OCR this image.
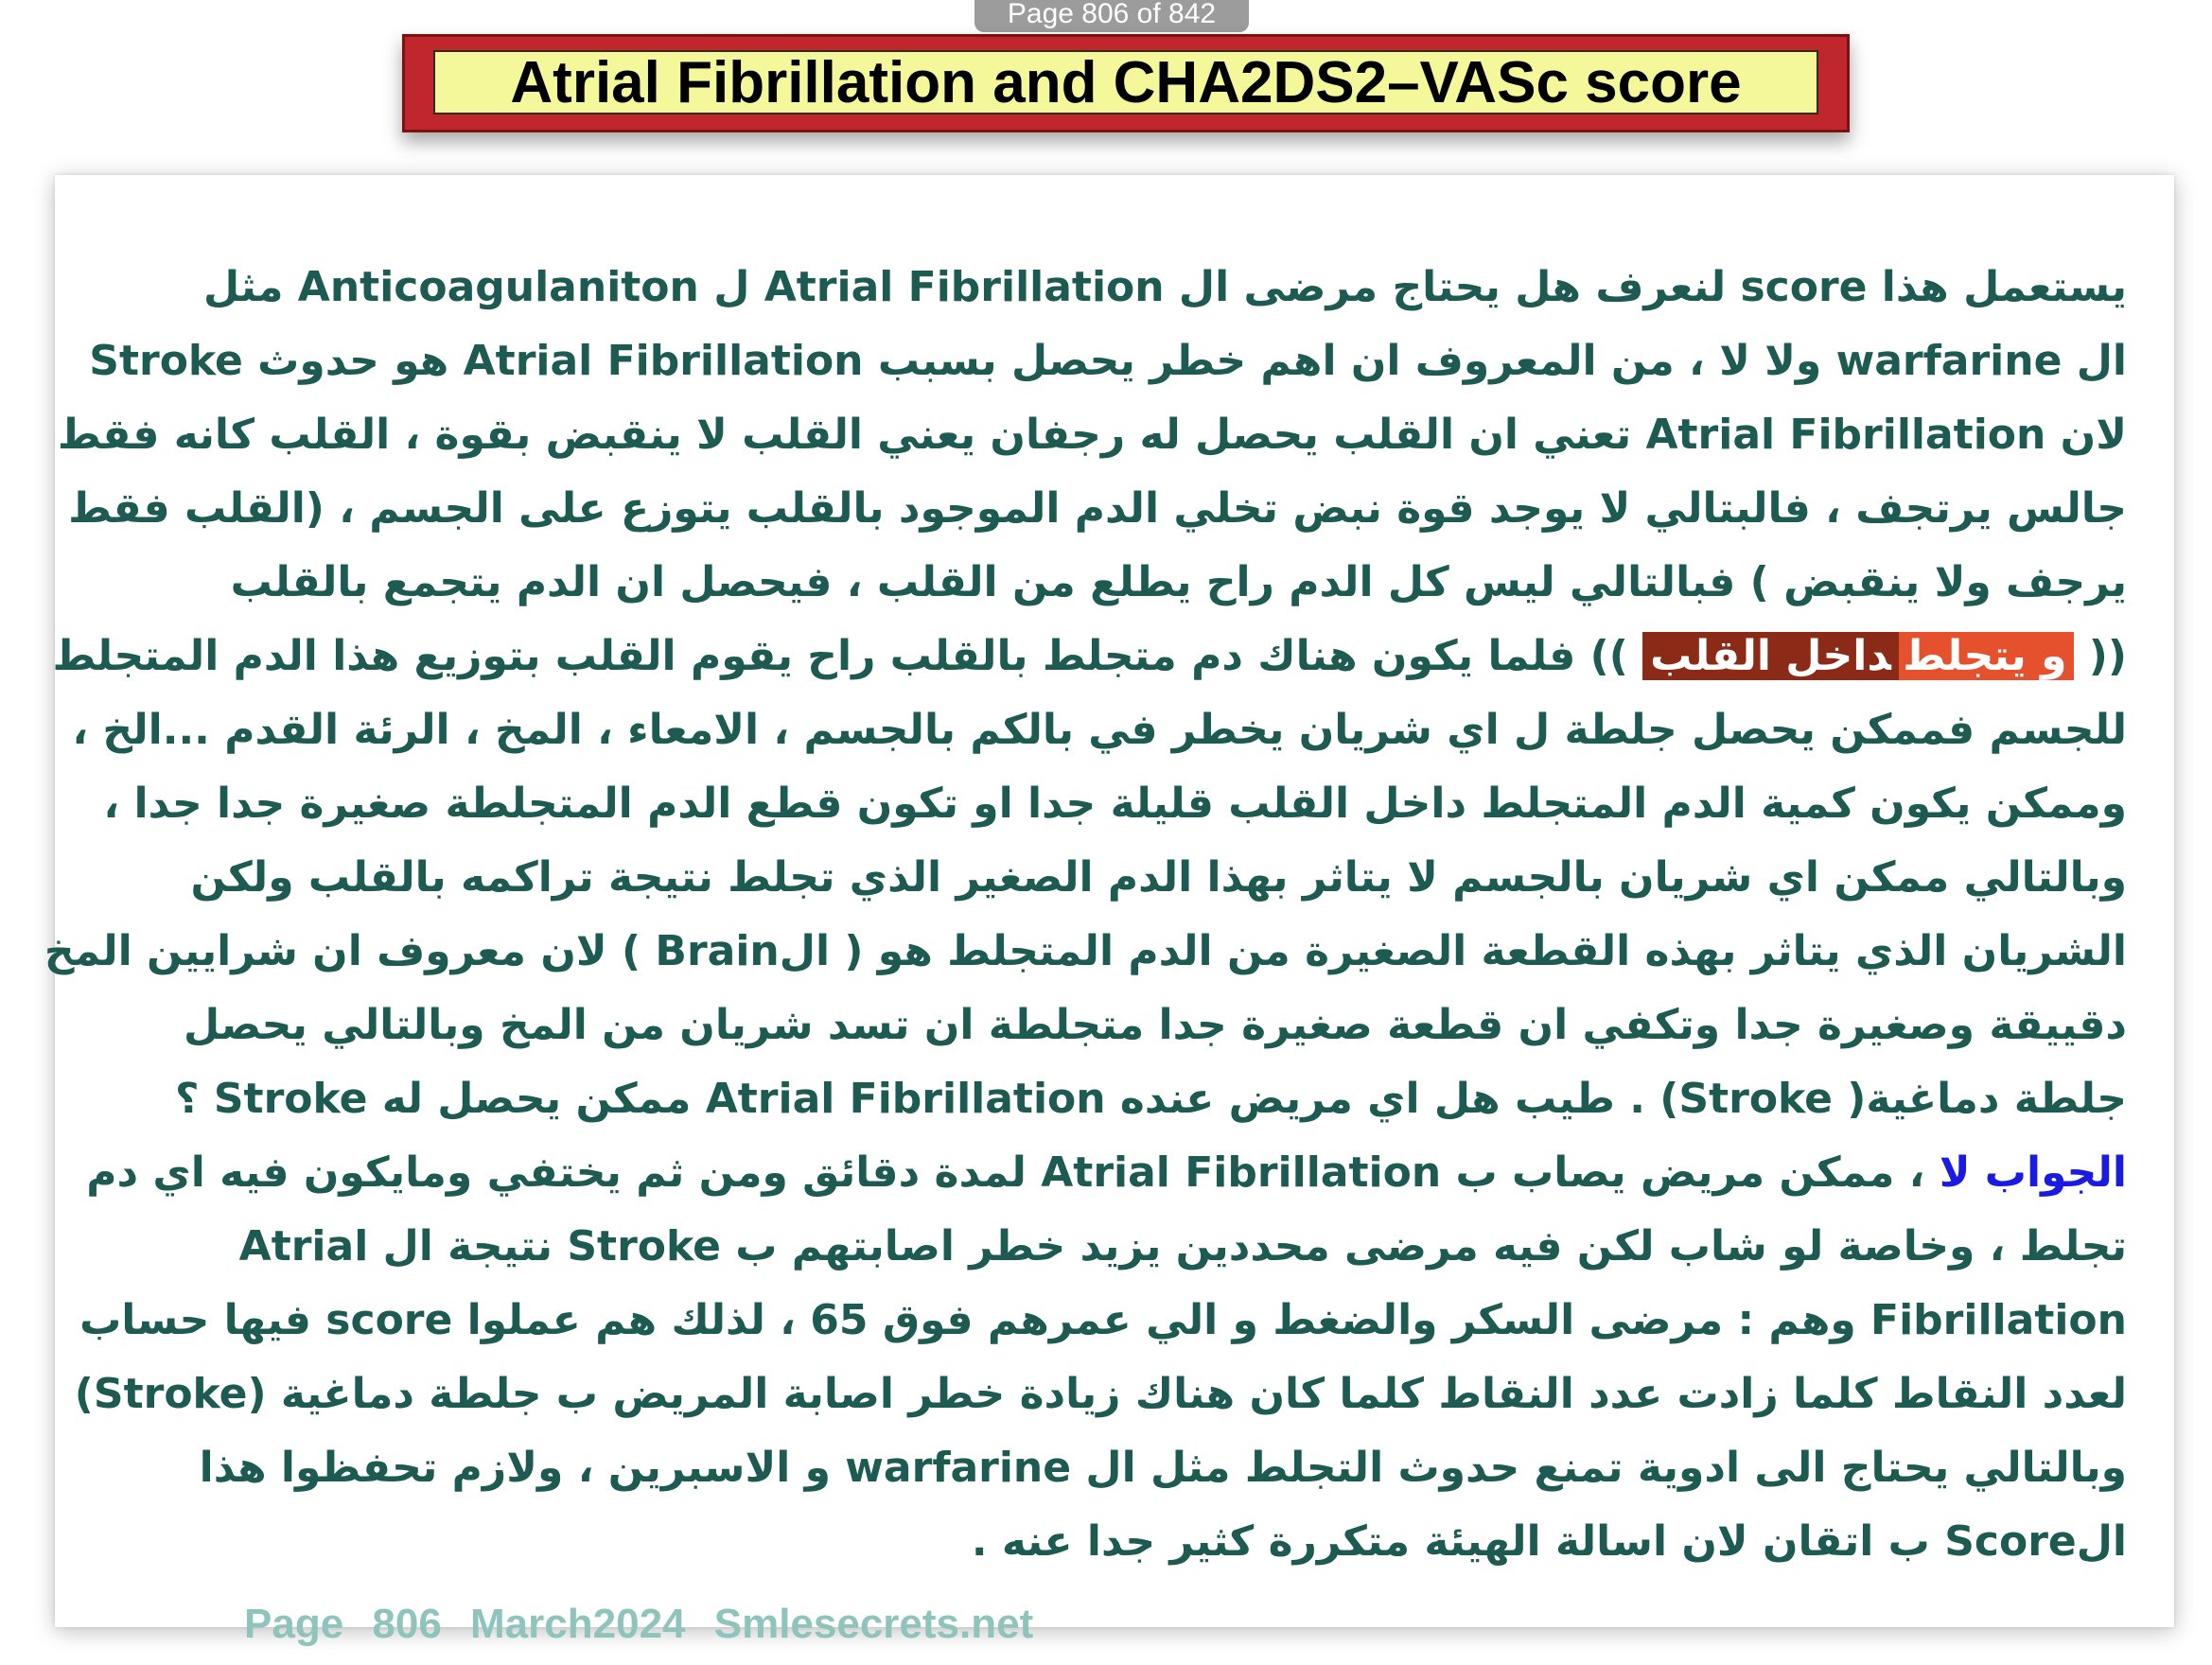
Page 806 of 842
Atrial Fibrillation and CHA2DS2–VASc score
يستعمل هذا score لنعرف هل يحتاج مرضى ال Atrial Fibrillation ل Anticoagulaniton مثل
ال warfarine ولا لا ، من المعروف ان اهم خطر يحصل بسبب Atrial Fibrillation هو حدوث Stroke
لان Atrial Fibrillation تعني ان القلب يحصل له رجفان يعني القلب لا ينقبض بقوة ، القلب كانه فقط
جالس يرتجف ، فالبتالي لا يوجد قوة نبض تخلي الدم الموجود بالقلب يتوزع على الجسم ، (القلب فقط
يرجف ولا ينقبض ) فبالتالي ليس كل الدم راح يطلع من القلب ، فيحصل ان الدم يتجمع بالقلب
(( و يتجلطداخل القلب )) فلما يكون هناك دم متجلط بالقلب راح يقوم القلب بتوزيع هذا الدم المتجلط
للجسم فممكن يحصل جلطة ل اي شريان يخطر في بالكم بالجسم ، الامعاء ، المخ ، الرئة القدم ...الخ ،
وممكن يكون كمية الدم المتجلط داخل القلب قليلة جدا او تكون قطع الدم المتجلطة صغيرة جدا جدا ،
وبالتالي ممكن اي شريان بالجسم لا يتاثر بهذا الدم الصغير الذي تجلط نتيجة تراكمه بالقلب ولكن
الشريان الذي يتاثر بهذه القطعة الصغيرة من الدم المتجلط هو ( الBrain ) لان معروف ان شرايين المخ
دقييقة وصغيرة جدا وتكفي ان قطعة صغيرة جدا متجلطة ان تسد شريان من المخ وبالتالي يحصل
جلطة دماغية( Stroke) . طيب هل اي مريض عنده Atrial Fibrillation ممكن يحصل له Stroke ؟
الجواب لا ، ممكن مريض يصاب ب Atrial Fibrillation لمدة دقائق ومن ثم يختفي ومايكون فيه اي دم
تجلط ، وخاصة لو شاب لكن فيه مرضى محددين يزيد خطر اصابتهم ب Stroke نتيجة ال Atrial
Fibrillation وهم : مرضى السكر والضغط و الي عمرهم فوق 65 ، لذلك هم عملوا score فيها حساب
لعدد النقاط كلما زادت عدد النقاط كلما كان هناك زيادة خطر اصابة المريض ب جلطة دماغية (Stroke)
وبالتالي يحتاج الى ادوية تمنع حدوث التجلط مثل ال warfarine و الاسبرين ، ولازم تحفظوا هذا
الScore ب اتقان لان اسالة الهيئة متكررة كثير جدا عنه .
Page 806 March2024 Smlesecrets.net
